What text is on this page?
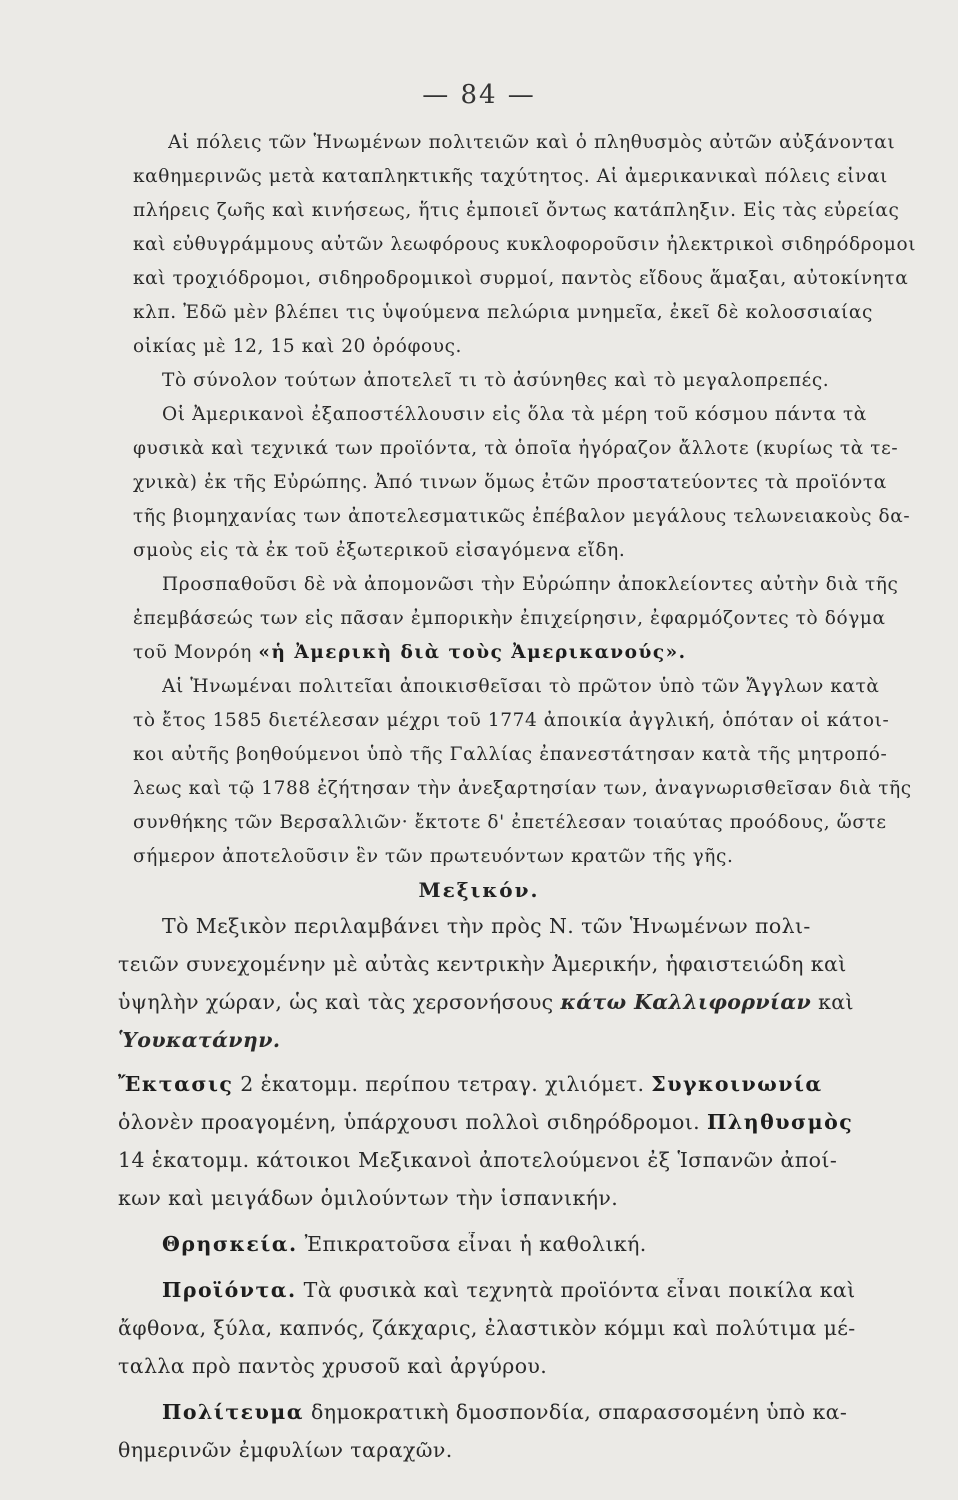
— 84 —
Αἱ πόλεις τῶν Ἡνωμένων πολιτειῶν καὶ ὁ πληθυσμὸς αὐτῶν αὐξάνονται
καθημερινῶς μετὰ καταπληκτικῆς ταχύτητος. Αἱ ἀμερικανικαὶ πόλεις εἶναι
πλήρεις ζωῆς καὶ κινήσεως, ἥτις ἐμποιεῖ ὄντως κατάπληξιν. Εἰς τὰς εὐρείας
καὶ εὐθυγράμμους αὐτῶν λεωφόρους κυκλοφοροῦσιν ἠλεκτρικοὶ σιδηρόδρομοι
καὶ τροχιόδρομοι, σιδηροδρομικοὶ συρμοί, παντὸς εἴδους ἅμαξαι, αὐτοκίνητα
κλπ. Ἐδῶ μὲν βλέπει τις ὑψούμενα πελώρια μνημεῖα, ἐκεῖ δὲ κολοσσιαίας
οἰκίας μὲ 12, 15 καὶ 20 ὀρόφους.
Τὸ σύνολον τούτων ἀποτελεῖ τι τὸ ἀσύνηθες καὶ τὸ μεγαλοπρεπές.
Οἱ Ἀμερικανοὶ ἐξαποστέλλουσιν εἰς ὅλα τὰ μέρη τοῦ κόσμου πάντα τὰ
φυσικὰ καὶ τεχνικά των προϊόντα, τὰ ὁποῖα ἠγόραζον ἄλλοτε (κυρίως τὰ τε-
χνικὰ) ἐκ τῆς Εὐρώπης. Ἀπό τινων ὅμως ἐτῶν προστατεύοντες τὰ προϊόντα
τῆς βιομηχανίας των ἀποτελεσματικῶς ἐπέβαλον μεγάλους τελωνειακοὺς δα-
σμοὺς εἰς τὰ ἐκ τοῦ ἐξωτερικοῦ εἰσαγόμενα εἴδη.
Προσπαθοῦσι δὲ νὰ ἀπομονῶσι τὴν Εὐρώπην ἀποκλείοντες αὐτὴν διὰ τῆς
ἐπεμβάσεώς των εἰς πᾶσαν ἐμπορικὴν ἐπιχείρησιν, ἐφαρμόζοντες τὸ δόγμα
τοῦ Μονρόη «ἡ Ἀμερικὴ διὰ τοὺς Ἀμερικανούς».
Αἱ Ἡνωμέναι πολιτεῖαι ἀποικισθεῖσαι τὸ πρῶτον ὑπὸ τῶν Ἄγγλων κατὰ
τὸ ἔτος 1585 διετέλεσαν μέχρι τοῦ 1774 ἀποικία ἀγγλική, ὁπόταν οἱ κάτοι-
κοι αὐτῆς βοηθούμενοι ὑπὸ τῆς Γαλλίας ἐπανεστάτησαν κατὰ τῆς μητροπό-
λεως καὶ τῷ 1788 ἐζήτησαν τὴν ἀνεξαρτησίαν των, ἀναγνωρισθεῖσαν διὰ τῆς
συνθήκης τῶν Βερσαλλιῶν· ἔκτοτε δ' ἐπετέλεσαν τοιαύτας προόδους, ὥστε
σήμερον ἀποτελοῦσιν ἓν τῶν πρωτευόντων κρατῶν τῆς γῆς.
Μεξικόν.
Τὸ Μεξικὸν περιλαμβάνει τὴν πρὸς Ν. τῶν Ἡνωμένων πολι-
τειῶν συνεχομένην μὲ αὐτὰς κεντρικὴν Ἀμερικήν, ἡφαιστειώδη καὶ
ὑψηλὴν χώραν, ὡς καὶ τὰς χερσονήσους κάτω Καλλιφορνίαν καὶ
Ὑουκατάνην.
Ἔκτασις 2 ἑκατομμ. περίπου τετραγ. χιλιόμετ. Συγκοινωνία
ὁλονὲν προαγομένη, ὑπάρχουσι πολλοὶ σιδηρόδρομοι. Πληθυσμὸς
14 ἑκατομμ. κάτοικοι Μεξικανοὶ ἀποτελούμενοι ἐξ Ἱσπανῶν ἀποί-
κων καὶ μειγάδων ὁμιλούντων τὴν ἱσπανικήν.
Θρησκεία. Ἐπικρατοῦσα εἶναι ἡ καθολική.
Προϊόντα. Τὰ φυσικὰ καὶ τεχνητὰ προϊόντα εἶναι ποικίλα καὶ
ἄφθονα, ξύλα, καπνός, ζάκχαρις, ἐλαστικὸν κόμμι καὶ πολύτιμα μέ-
ταλλα πρὸ παντὸς χρυσοῦ καὶ ἀργύρου.
Πολίτευμα δημοκρατικὴ δμοσπονδία, σπαρασσομένη ὑπὸ κα-
θημερινῶν ἐμφυλίων ταραχῶν.
